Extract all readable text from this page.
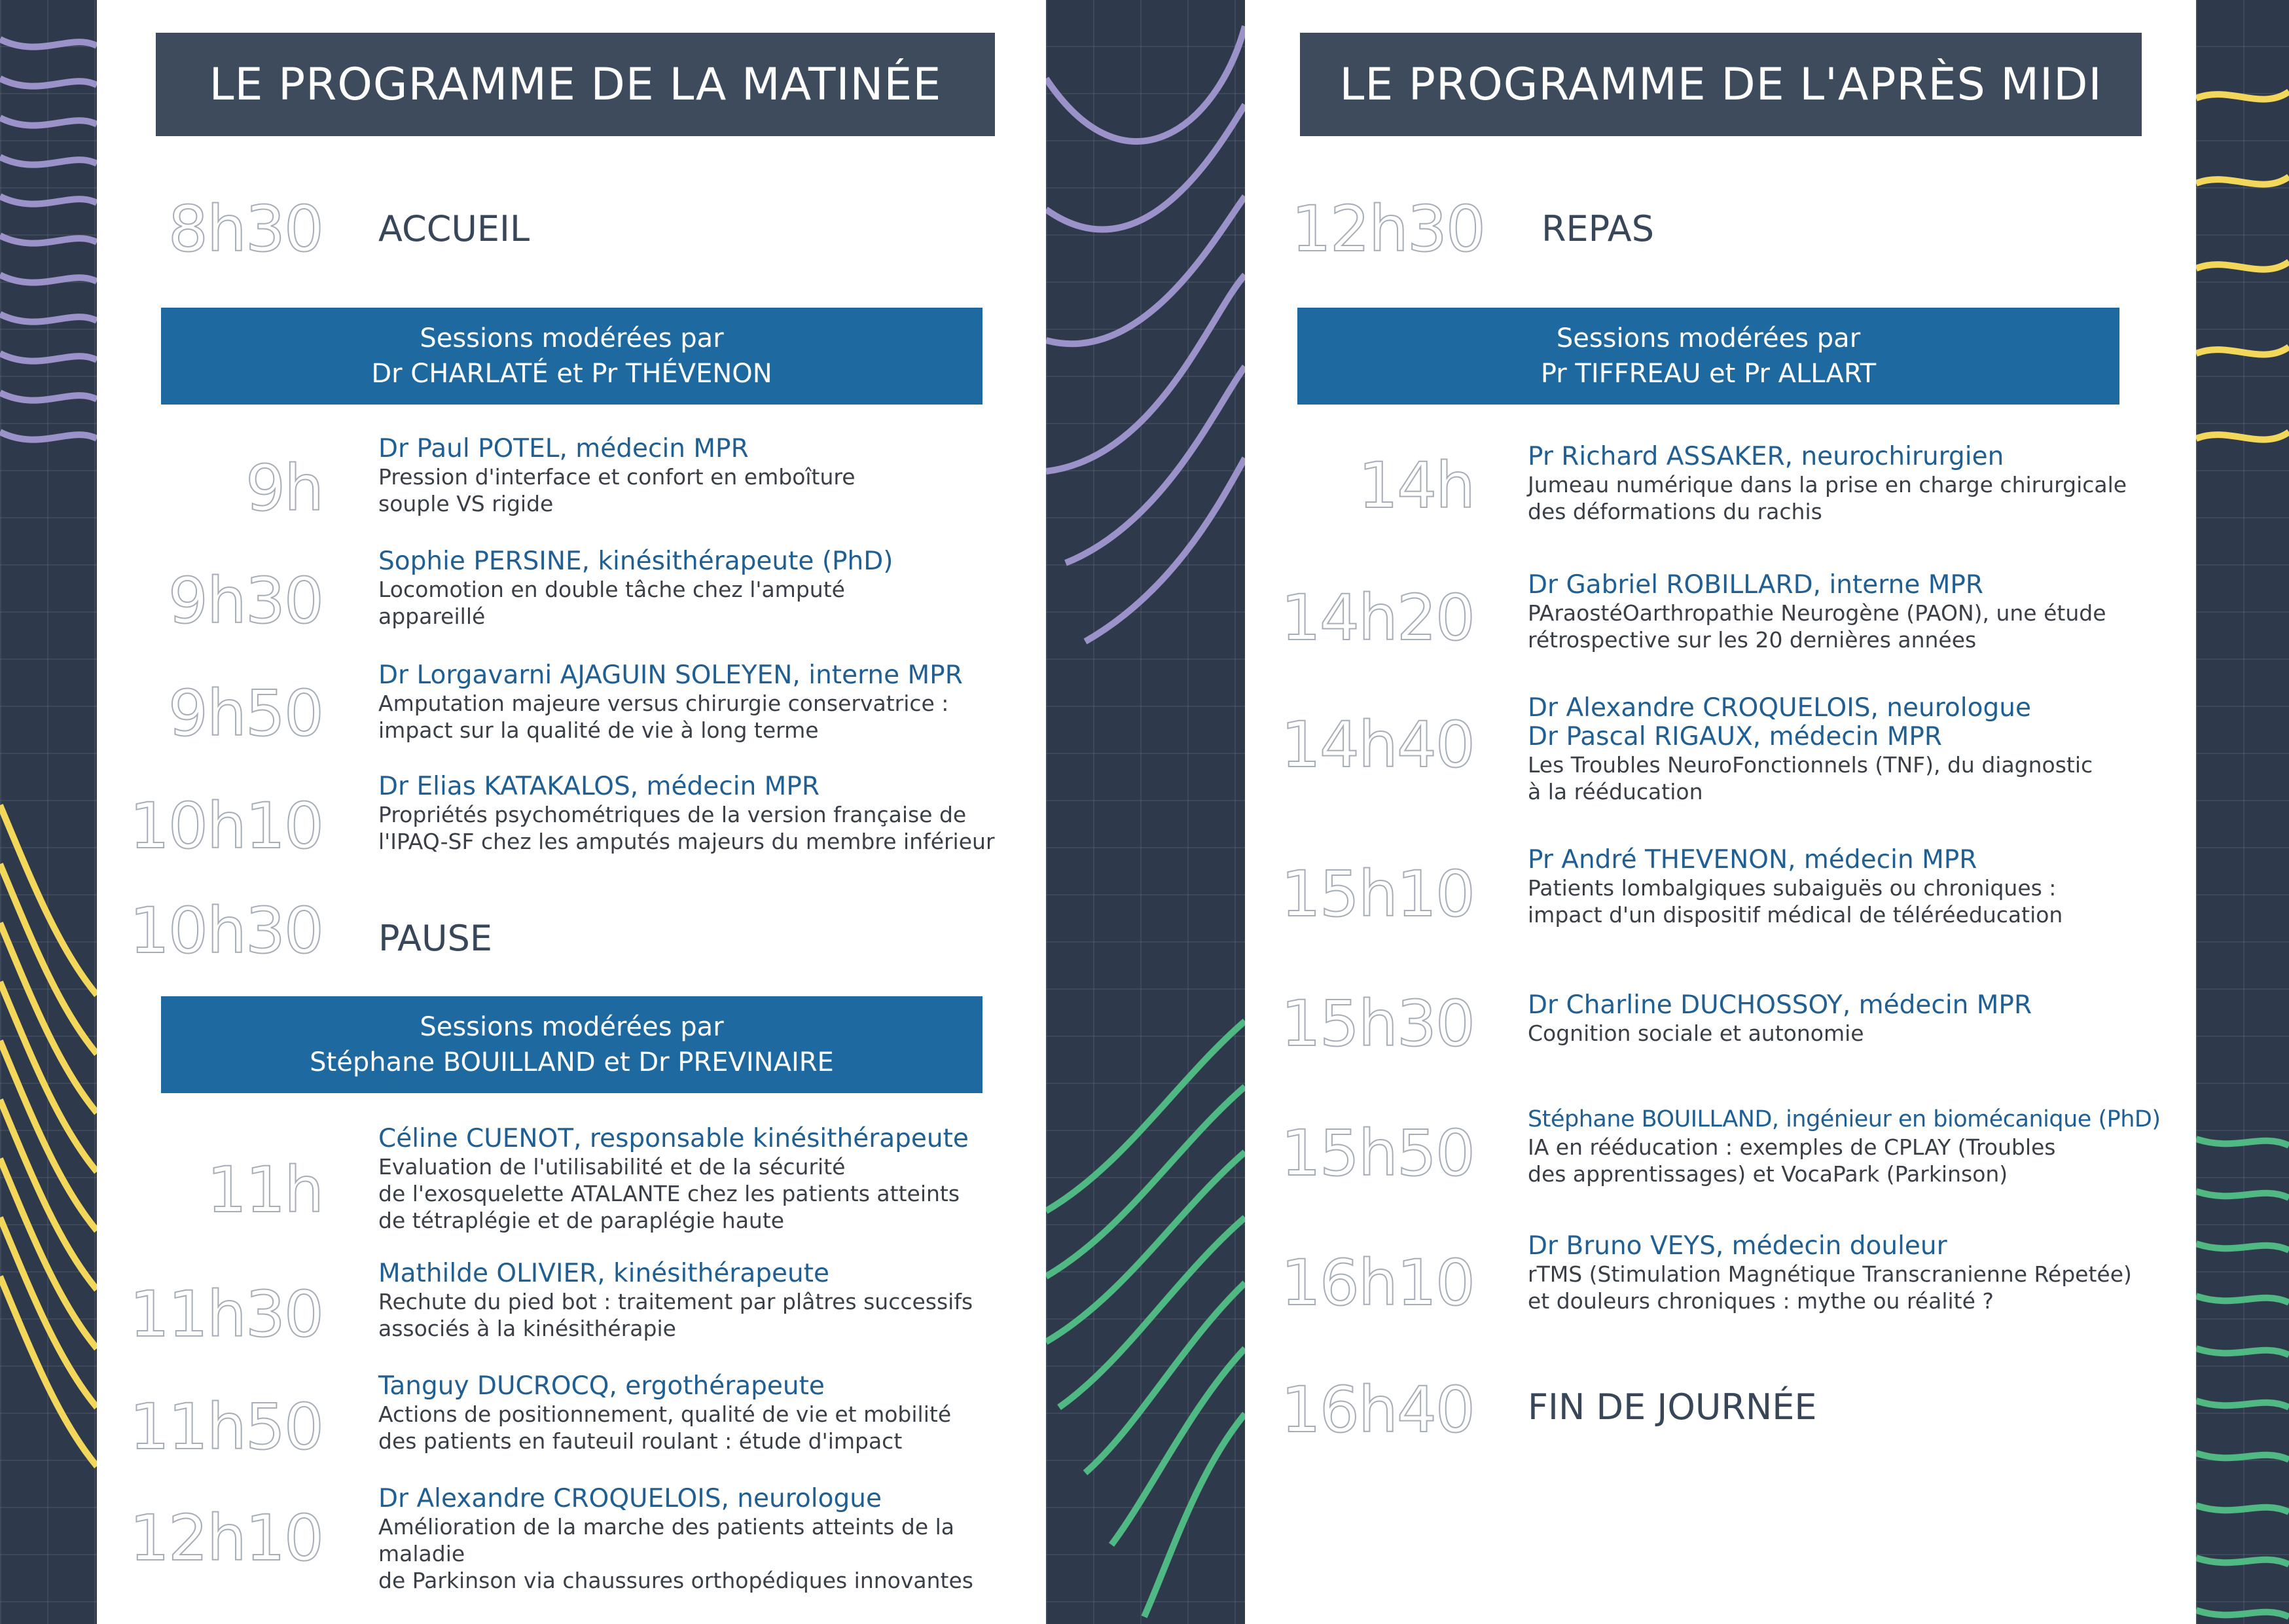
LE PROGRAMME DE LA MATINÉE
8h30 ACCUEIL
Sessions modérées par
Dr CHARLATÉ et Pr THÉVENON
9h
Dr Paul POTEL, médecin MPR
Pression d'interface et confort en emboîture
souple VS rigide
9h30
Sophie PERSINE, kinésithérapeute (PhD)
Locomotion en double tâche chez l'amputé
appareillé
9h50
Dr Lorgavarni AJAGUIN SOLEYEN, interne MPR
Amputation majeure versus chirurgie conservatrice :
impact sur la qualité de vie à long terme
10h10
Dr Elias KATAKALOS, médecin MPR
Propriétés psychométriques de la version française de
l'IPAQ-SF chez les amputés majeurs du membre inférieur
10h30 PAUSE
Sessions modérées par
Stéphane BOUILLAND et Dr PREVINAIRE
11h
Céline CUENOT, responsable kinésithérapeute
Evaluation de l'utilisabilité et de la sécurité
de l'exosquelette ATALANTE chez les patients atteints
de tétraplégie et de paraplégie haute
11h30
Mathilde OLIVIER, kinésithérapeute
Rechute du pied bot : traitement par plâtres successifs
associés à la kinésithérapie
11h50
Tanguy DUCROCQ, ergothérapeute
Actions de positionnement, qualité de vie et mobilité
des patients en fauteuil roulant : étude d'impact
12h10
Dr Alexandre CROQUELOIS, neurologue
Amélioration de la marche des patients atteints de la maladie
de Parkinson via chaussures orthopédiques innovantes
LE PROGRAMME DE L'APRÈS MIDI
12h30 REPAS
Sessions modérées par
Pr TIFFREAU et Pr ALLART
14h Pr Richard ASSAKER, neurochirurgien
Jumeau numérique dans la prise en charge chirurgicale
des déformations du rachis
14h20 Dr Gabriel ROBILLARD, interne MPR
PAraostéOarthropathie Neurogène (PAON), une étude
rétrospective sur les 20 dernières années
14h40
Dr Alexandre CROQUELOIS, neurologue
Dr Pascal RIGAUX, médecin MPR
Les Troubles NeuroFonctionnels (TNF), du diagnostic
à la rééducation
15h10 Pr André THEVENON, médecin MPR
Patients lombalgiques subaiguës ou chroniques :
impact d'un dispositif médical de téléréeducation
15h30 Dr Charline DUCHOSSOY, médecin MPR
Cognition sociale et autonomie
15h50 Stéphane BOUILLAND, ingénieur en biomécanique (PhD)
IA en rééducation : exemples de CPLAY (Troubles
des apprentissages) et VocaPark (Parkinson)
16h10
Dr Bruno VEYS, médecin douleur
rTMS (Stimulation Magnétique Transcranienne Répetée)
et douleurs chroniques : mythe ou réalité ?
16h40 FIN DE JOURNÉE
